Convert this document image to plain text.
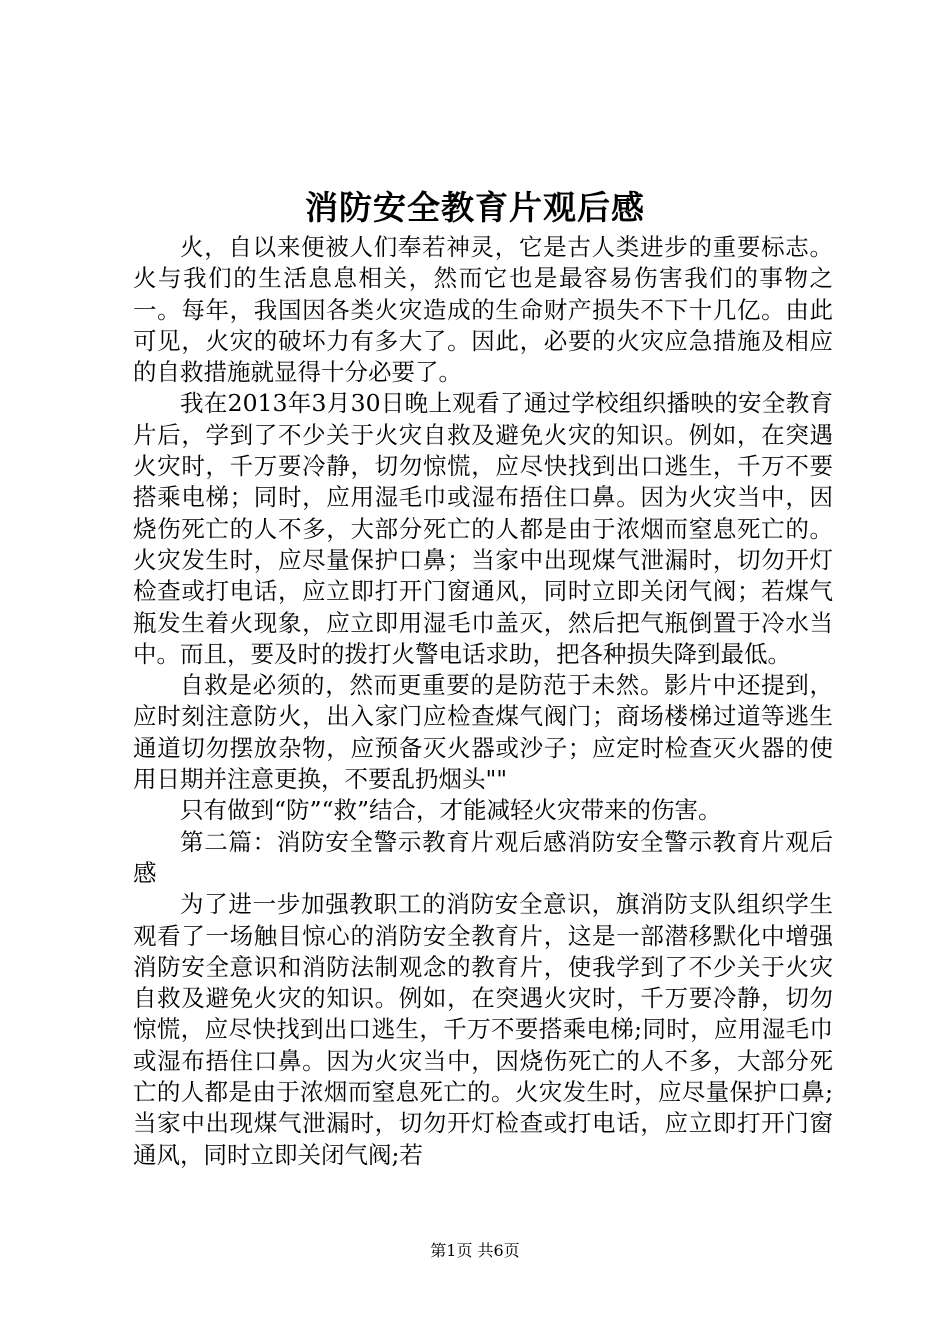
消防安全教育片观后感

火，自以来便被人们奉若神灵，它是古人类进步的重要标志。火与我们的生活息息相关，然而它也是最容易伤害我们的事物之一。每年，我国因各类火灾造成的生命财产损失不下十几亿。由此可见，火灾的破坏力有多大了。因此，必要的火灾应急措施及相应的自救措施就显得十分必要了。

我在2013年3月30日晚上观看了通过学校组织播映的安全教育片后，学到了不少关于火灾自救及避免火灾的知识。例如，在突遇火灾时，千万要冷静，切勿惊慌，应尽快找到出口逃生，千万不要搭乘电梯；同时，应用湿毛巾或湿布捂住口鼻。因为火灾当中，因烧伤死亡的人不多，大部分死亡的人都是由于浓烟而窒息死亡的。火灾发生时，应尽量保护口鼻；当家中出现煤气泄漏时，切勿开灯检查或打电话，应立即打开门窗通风，同时立即关闭气阀；若煤气瓶发生着火现象，应立即用湿毛巾盖灭，然后把气瓶倒置于冷水当中。而且，要及时的拨打火警电话求助，把各种损失降到最低。

自救是必须的，然而更重要的是防范于未然。影片中还提到，应时刻注意防火，出入家门应检查煤气阀门；商场楼梯过道等逃生通道切勿摆放杂物，应预备灭火器或沙子；应定时检查灭火器的使用日期并注意更换，不要乱扔烟头""

只有做到“防”“救”结合，才能减轻火灾带来的伤害。

第二篇：消防安全警示教育片观后感消防安全警示教育片观后感

为了进一步加强教职工的消防安全意识，旗消防支队组织学生观看了一场触目惊心的消防安全教育片，这是一部潜移默化中增强消防安全意识和消防法制观念的教育片，使我学到了不少关于火灾自救及避免火灾的知识。例如，在突遇火灾时，千万要冷静，切勿惊慌，应尽快找到出口逃生，千万不要搭乘电梯;同时，应用湿毛巾或湿布捂住口鼻。因为火灾当中，因烧伤死亡的人不多，大部分死亡的人都是由于浓烟而窒息死亡的。火灾发生时，应尽量保护口鼻;当家中出现煤气泄漏时，切勿开灯检查或打电话，应立即打开门窗通风，同时立即关闭气阀;若

第1页 共6页
